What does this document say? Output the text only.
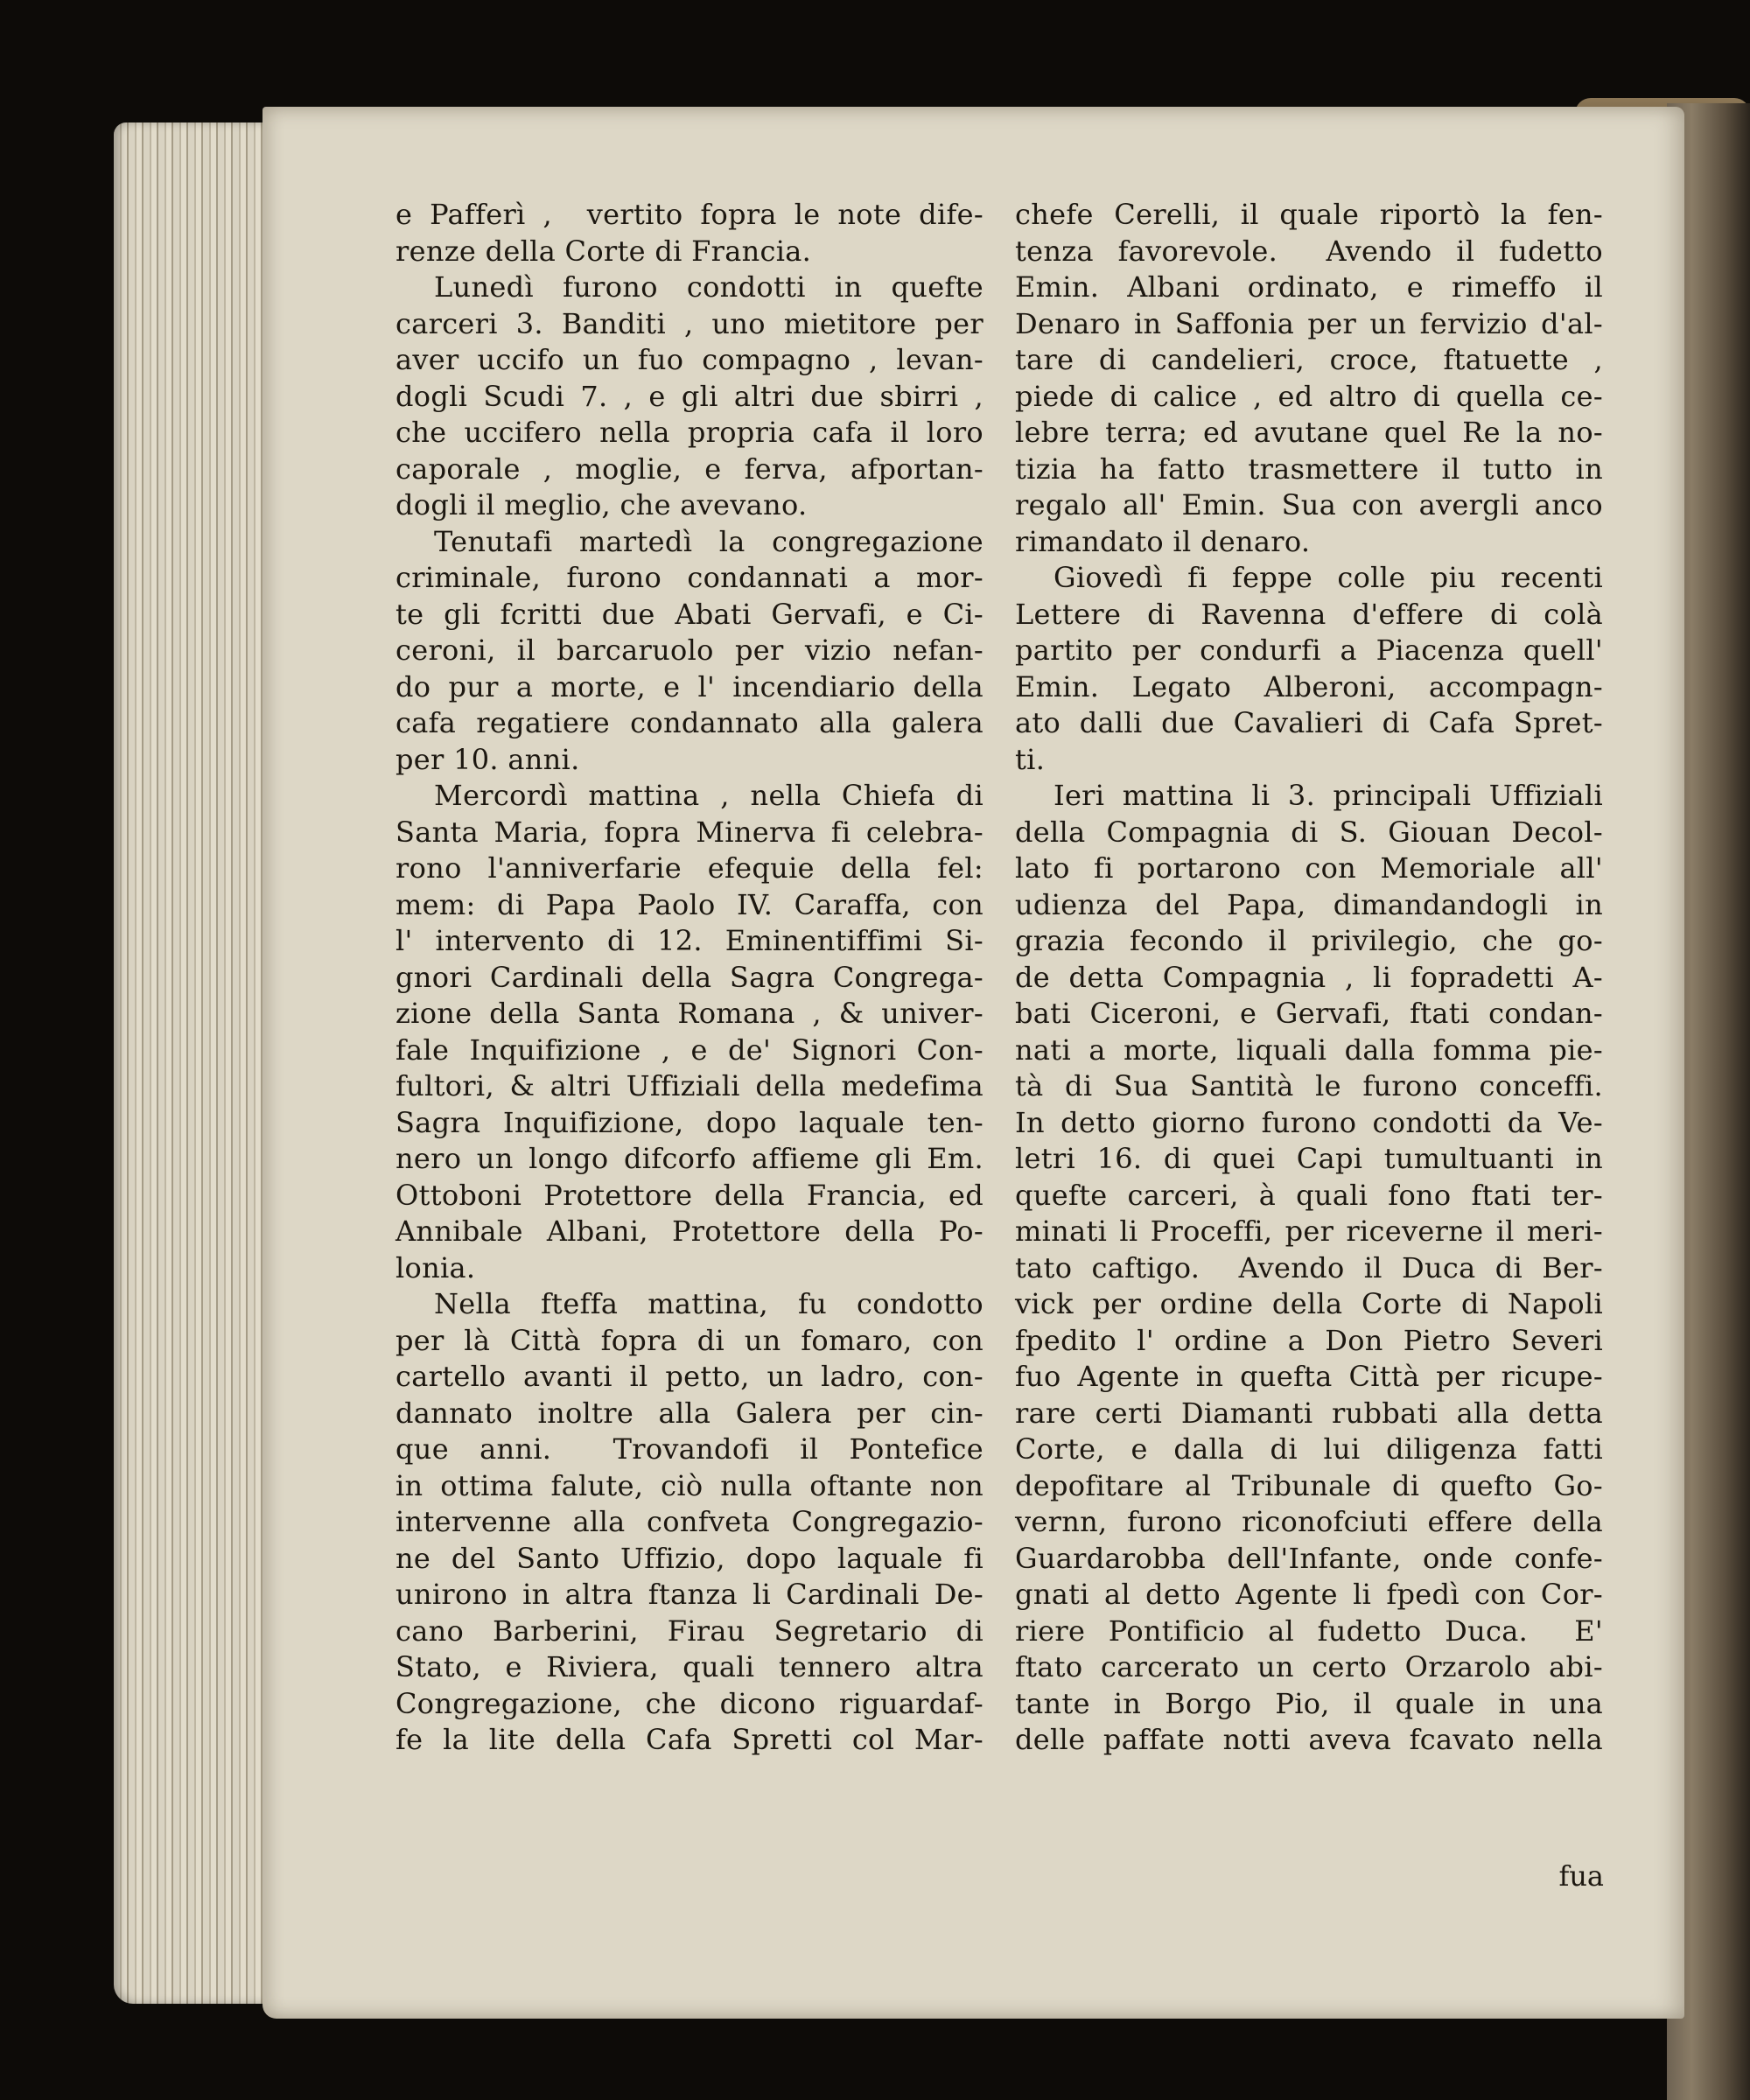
e Pafferì ,  vertito fopra le note dife-
renze della Corte di Francia.
Lunedì furono condotti in quefte
carceri 3. Banditi , uno mietitore per
aver uccifo un fuo compagno , levan-
dogli Scudi 7. , e gli altri due sbirri ,
che uccifero nella propria cafa il loro
caporale , moglie, e ferva, afportan-
dogli il meglio, che avevano.
Tenutafi martedì la congregazione
criminale, furono condannati a mor-
te gli fcritti due Abati Gervafi, e Ci-
ceroni, il barcaruolo per vizio nefan-
do pur a morte, e l' incendiario della
cafa regatiere condannato alla galera
per 10. anni.
Mercordì mattina , nella Chiefa di
Santa Maria, fopra Minerva fi celebra-
rono l'anniverfarie efequie della fel:
mem: di Papa Paolo IV. Caraffa, con
l' intervento di 12. Eminentiffimi Si-
gnori Cardinali della Sagra Congrega-
zione della Santa Romana , & univer-
fale Inquifizione , e de' Signori Con-
fultori, & altri Uffiziali della medefima
Sagra Inquifizione, dopo laquale ten-
nero un longo difcorfo affieme gli Em.
Ottoboni Protettore della Francia, ed
Annibale Albani, Protettore della Po-
lonia.
Nella fteffa mattina, fu condotto
per là Città fopra di un fomaro, con
cartello avanti il petto, un ladro, con-
dannato inoltre alla Galera per cin-
que anni.  Trovandofi il Pontefice
in ottima falute, ciò nulla oftante non
intervenne alla confveta Congregazio-
ne del Santo Uffizio, dopo laquale fi
unirono in altra ftanza li Cardinali De-
cano Barberini, Firau Segretario di
Stato, e Riviera, quali tennero altra
Congregazione, che dicono riguardaf-
fe la lite della Cafa Spretti col Mar-
chefe Cerelli, il quale riportò la fen-
tenza favorevole.  Avendo il fudetto
Emin. Albani ordinato, e rimeffo il
Denaro in Saffonia per un fervizio d'al-
tare di candelieri, croce, ftatuette ,
piede di calice , ed altro di quella ce-
lebre terra; ed avutane quel Re la no-
tizia ha fatto trasmettere il tutto in
regalo all' Emin. Sua con avergli anco
rimandato il denaro.
Giovedì fi feppe colle piu recenti
Lettere di Ravenna d'effere di colà
partito per condurfi a Piacenza quell'
Emin. Legato Alberoni, accompagn-
ato dalli due Cavalieri di Cafa Spret-
ti.
Ieri mattina li 3. principali Uffiziali
della Compagnia di S. Giouan Decol-
lato fi portarono con Memoriale all'
udienza del Papa, dimandandogli in
grazia fecondo il privilegio, che go-
de detta Compagnia , li fopradetti A-
bati Ciceroni, e Gervafi, ftati condan-
nati a morte, liquali dalla fomma pie-
tà di Sua Santità le furono conceffi.
In detto giorno furono condotti da Ve-
letri 16. di quei Capi tumultuanti in
quefte carceri, à quali fono ftati ter-
minati li Proceffi, per riceverne il meri-
tato caftigo.  Avendo il Duca di Ber-
vick per ordine della Corte di Napoli
fpedito l' ordine a Don Pietro Severi
fuo Agente in quefta Città per ricupe-
rare certi Diamanti rubbati alla detta
Corte, e dalla di lui diligenza fatti
depofitare al Tribunale di quefto Go-
vernn, furono riconofciuti effere della
Guardarobba dell'Infante, onde confe-
gnati al detto Agente li fpedì con Cor-
riere Pontificio al fudetto Duca.  E'
ftato carcerato un certo Orzarolo abi-
tante in Borgo Pio, il quale in una
delle paffate notti aveva fcavato nella
fua
